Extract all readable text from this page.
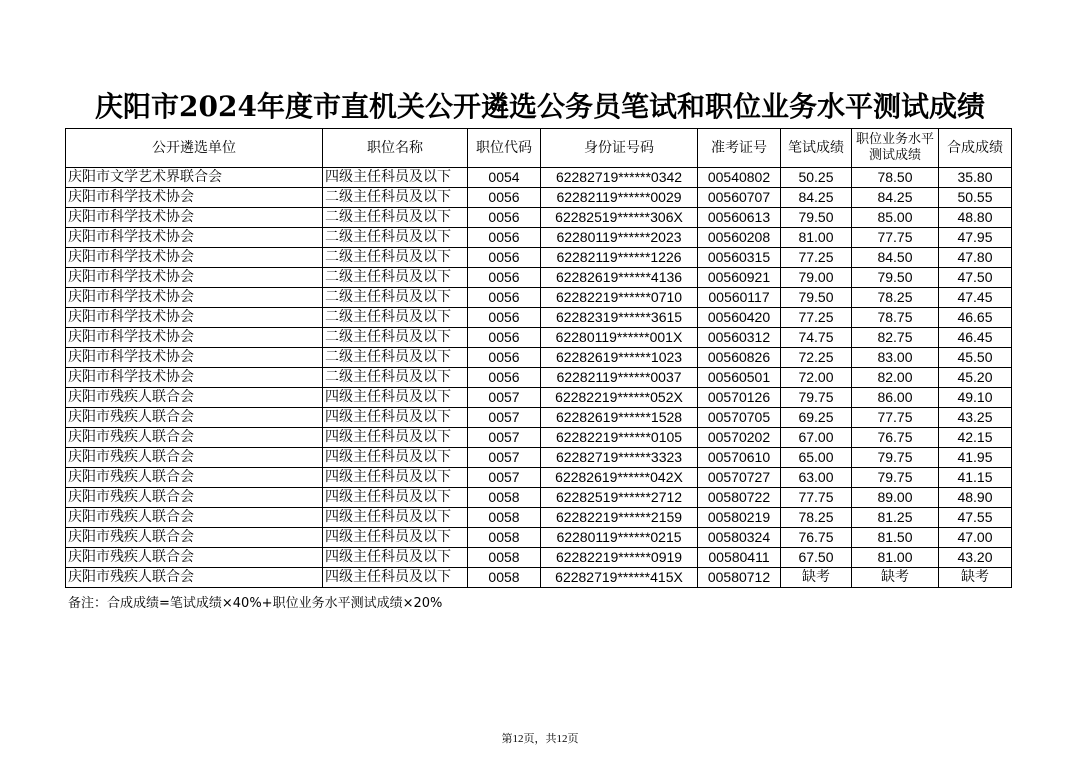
庆阳市2024年度市直机关公开遴选公务员笔试和职位业务水平测试成绩
公开遴选单位	职位名称	职位代码	身份证号码	准考证号	笔试成绩	职位业务水平测试成绩	合成成绩
庆阳市文学艺术界联合会	四级主任科员及以下	0054	62282719******0342	00540802	50.25	78.50	35.80
庆阳市科学技术协会	二级主任科员及以下	0056	62282119******0029	00560707	84.25	84.25	50.55
庆阳市科学技术协会	二级主任科员及以下	0056	62282519******306X	00560613	79.50	85.00	48.80
庆阳市科学技术协会	二级主任科员及以下	0056	62280119******2023	00560208	81.00	77.75	47.95
庆阳市科学技术协会	二级主任科员及以下	0056	62282119******1226	00560315	77.25	84.50	47.80
庆阳市科学技术协会	二级主任科员及以下	0056	62282619******4136	00560921	79.00	79.50	47.50
庆阳市科学技术协会	二级主任科员及以下	0056	62282219******0710	00560117	79.50	78.25	47.45
庆阳市科学技术协会	二级主任科员及以下	0056	62282319******3615	00560420	77.25	78.75	46.65
庆阳市科学技术协会	二级主任科员及以下	0056	62280119******001X	00560312	74.75	82.75	46.45
庆阳市科学技术协会	二级主任科员及以下	0056	62282619******1023	00560826	72.25	83.00	45.50
庆阳市科学技术协会	二级主任科员及以下	0056	62282119******0037	00560501	72.00	82.00	45.20
庆阳市残疾人联合会	四级主任科员及以下	0057	62282219******052X	00570126	79.75	86.00	49.10
庆阳市残疾人联合会	四级主任科员及以下	0057	62282619******1528	00570705	69.25	77.75	43.25
庆阳市残疾人联合会	四级主任科员及以下	0057	62282219******0105	00570202	67.00	76.75	42.15
庆阳市残疾人联合会	四级主任科员及以下	0057	62282719******3323	00570610	65.00	79.75	41.95
庆阳市残疾人联合会	四级主任科员及以下	0057	62282619******042X	00570727	63.00	79.75	41.15
庆阳市残疾人联合会	四级主任科员及以下	0058	62282519******2712	00580722	77.75	89.00	48.90
庆阳市残疾人联合会	四级主任科员及以下	0058	62282219******2159	00580219	78.25	81.25	47.55
庆阳市残疾人联合会	四级主任科员及以下	0058	62280119******0215	00580324	76.75	81.50	47.00
庆阳市残疾人联合会	四级主任科员及以下	0058	62282219******0919	00580411	67.50	81.00	43.20
庆阳市残疾人联合会	四级主任科员及以下	0058	62282719******415X	00580712	缺考	缺考	缺考
备注：合成成绩=笔试成绩×40%+职位业务水平测试成绩×20%
第12页，共12页
